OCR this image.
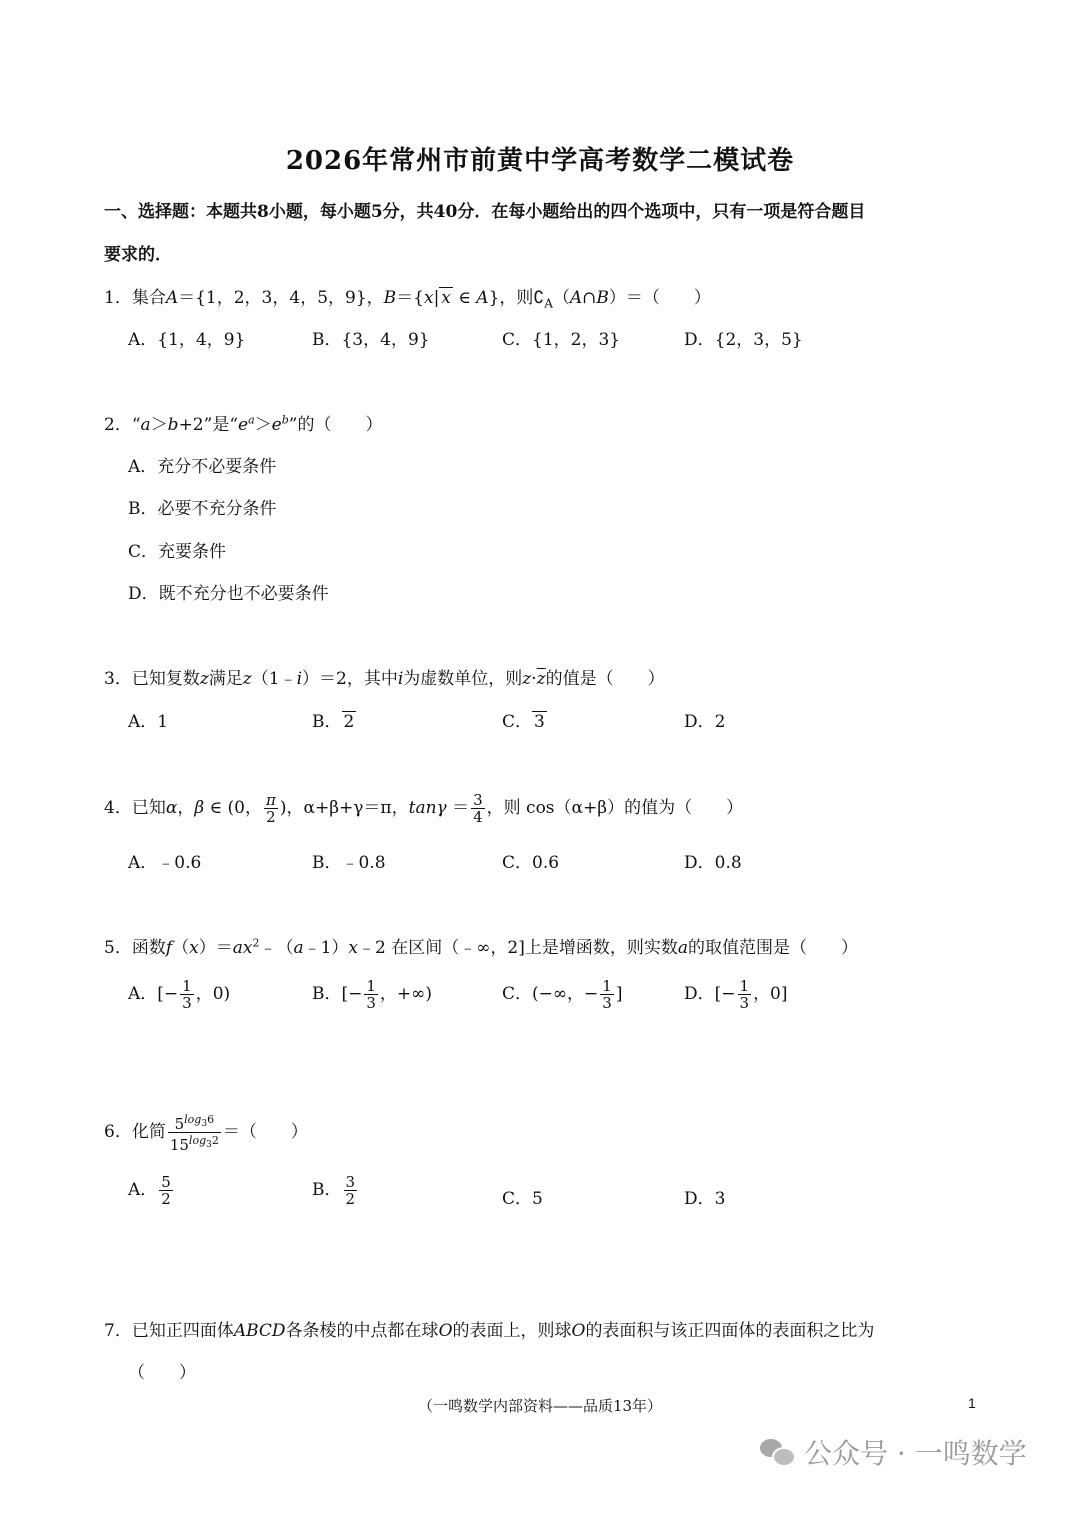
2026年常州市前黄中学高考数学二模试卷
一、选择题：本题共8小题，每小题5分，共40分．在每小题给出的四个选项中，只有一项是符合题目
要求的．
1．集合A＝{1，2，3，4，5，9}，B＝{x| x ∈ A}，则$∁_A(A\cap B)=$（　　）
A．{1，4，9}	B．{3，4，9}	C．{1，2，3}	D．{2，3，5}
2．“a＞b+2”是“$e^a>e^b$”的（　　）
A．充分不必要条件
B．必要不充分条件
C．充要条件
D．既不充分也不必要条件
3．已知复数z满足z（1﹣i）＝2，其中i为虚数单位，则$z\cdot\overline{z}$的值是（　　）
A．1	B． 2	C． 3	D．2
4．已知α，β ∈ (0， $\frac{\pi}{2}$ )，α+β+γ＝π，$\tan\gamma = \frac{3}{4}$ ，则 cos（α+β）的值为（　　）
A．﹣0.6	B．﹣0.8	C．0.6	D．0.8
5．函数$f(x)=ax^2﹣(a﹣1)x﹣2$ 在区间（﹣∞，2]上是增函数，则实数a的取值范围是（　　）
A．[− $\frac{1}{3}$ ，0)	B．[− $\frac{1}{3}$ ，+∞)	C．(−∞，− $\frac{1}{3}$ ]	D．[− $\frac{1}{3}$ ，0]
6．化简 $\frac{5^{log_36}}{15^{log_32}}$ ＝（　　）
A． $\frac{5}{2}$	B． $\frac{3}{2}$	C．5	D．3
7．已知正四面体ABCD各条棱的中点都在球O的表面上，则球O的表面积与该正四面体的表面积之比为
（　　）
（一鸣数学内部资料——品质13年）	1
公众号 · 一鸣数学
